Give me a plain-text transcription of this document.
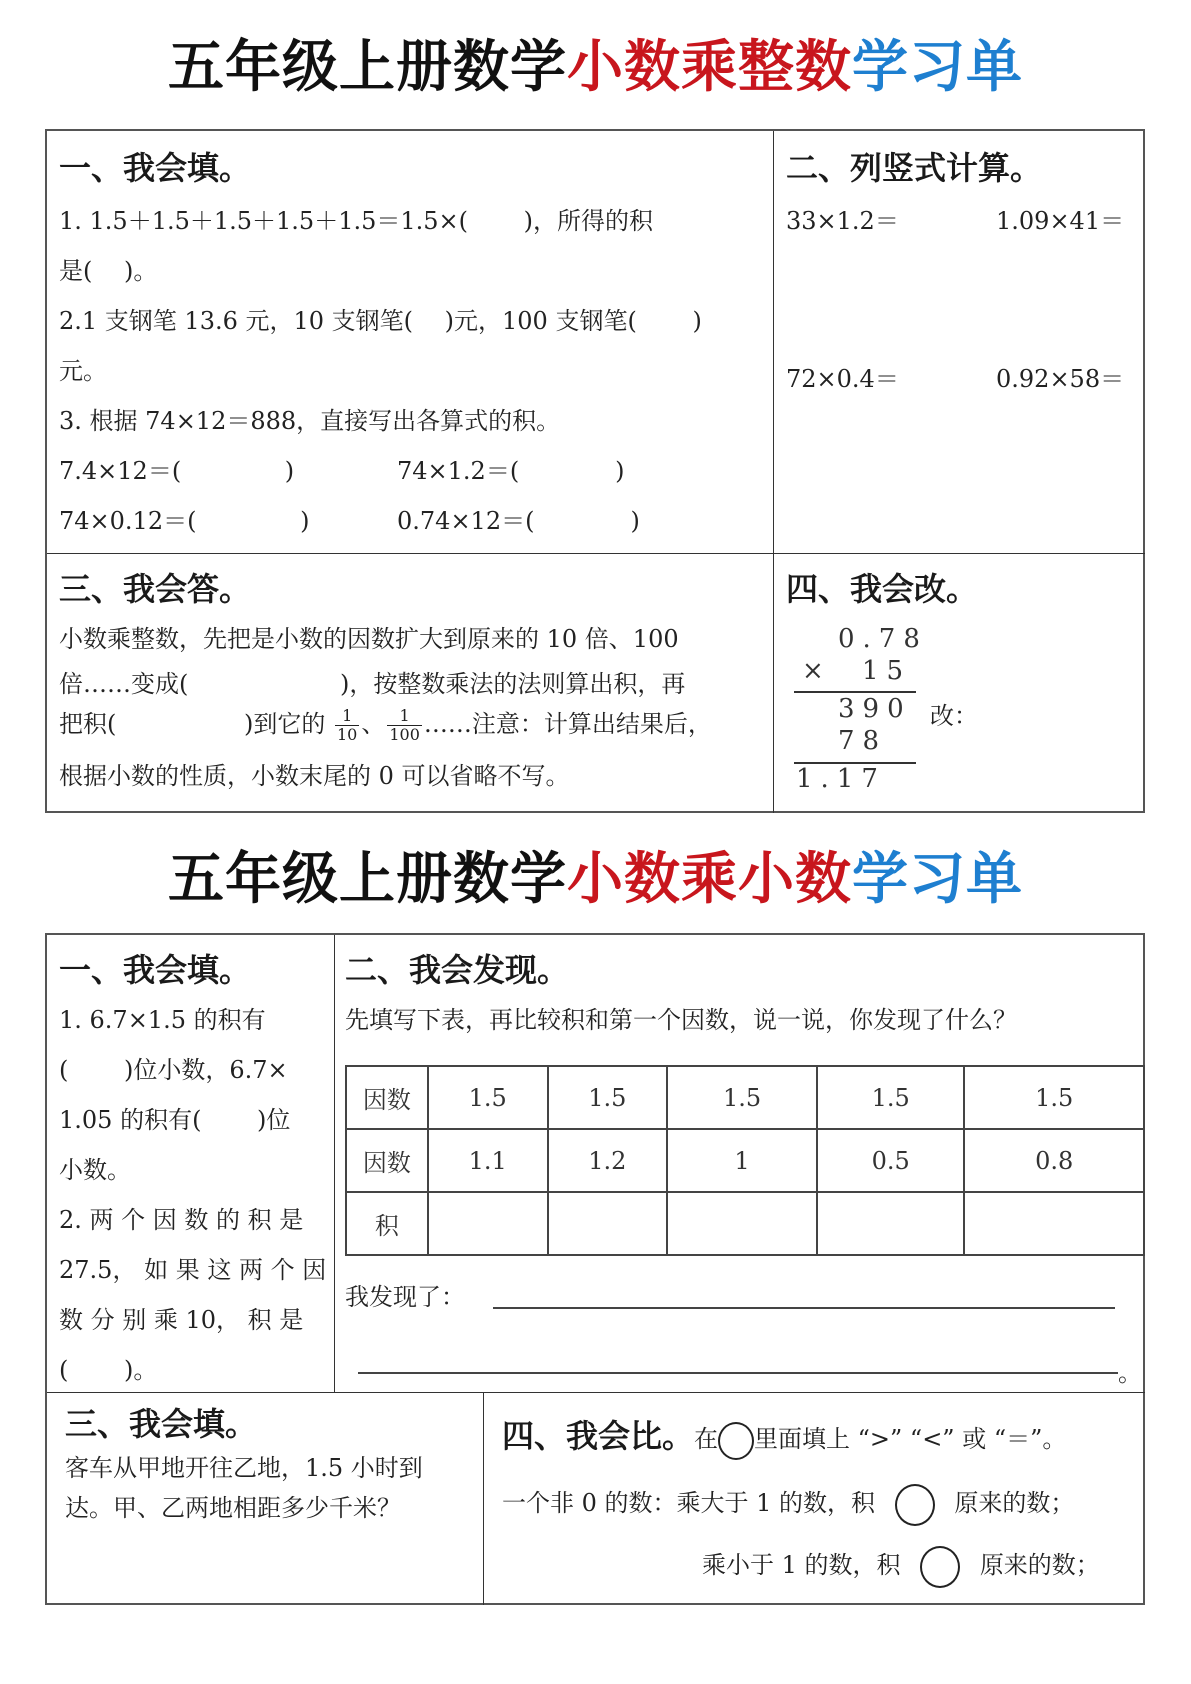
五年级上册数学小数乘整数学习单
一、我会填。
1. 1.5＋1.5＋1.5＋1.5＋1.5＝1.5×(　　 )，所得的积
是(　 )。
2.1 支钢笔 13.6 元，10 支钢笔(　 )元，100 支钢笔(　 　)
元。
3. 根据 74×12＝888，直接写出各算式的积。
7.4×12＝(　　　　 )	74×1.2＝(　　　　)
74×0.12＝(　　　　 )	0.74×12＝(　　　　)
二、列竖式计算。
33×1.2＝	1.09×41＝
72×0.4＝	0.92×58＝
三、我会答。
小数乘整数，先把是小数的因数扩大到原来的 10 倍、100
倍……变成(　　　　　　 )，按整数乘法的法则算出积，再
把积(　　　　　 )到它的 $\frac{1}{10}$ 、 $\frac{1}{100}$ ……注意：计算出结果后，
根据小数的性质，小数末尾的 0 可以省略不写。
四、我会改。
0.78
× 15
390 改：
78
1.17
五年级上册数学小数乘小数学习单
一、我会填。
1. 6.7×1.5 的积有
(　　 )位小数，6.7×
1.05 的积有(　 　)位
小数。
2. 两 个 因 数 的 积 是
27.5， 如 果 这 两 个 因
数 分 别 乘 10， 积 是
(　　 )。
二、我会发现。
先填写下表，再比较积和第一个因数，说一说，你发现了什么？
因数	1.5	1.5	1.5	1.5	1.5
因数	1.1	1.2	1	0.5	0.8
积					
我发现了：
。
三、我会填。
客车从甲地开往乙地，1.5 小时到
达。甲、乙两地相距多少千米？
四、我会比。在 里面填上 “>” “<” 或 “＝”。
一个非 0 的数：乘大于 1 的数，积	原来的数；
乘小于 1 的数，积	原来的数；
